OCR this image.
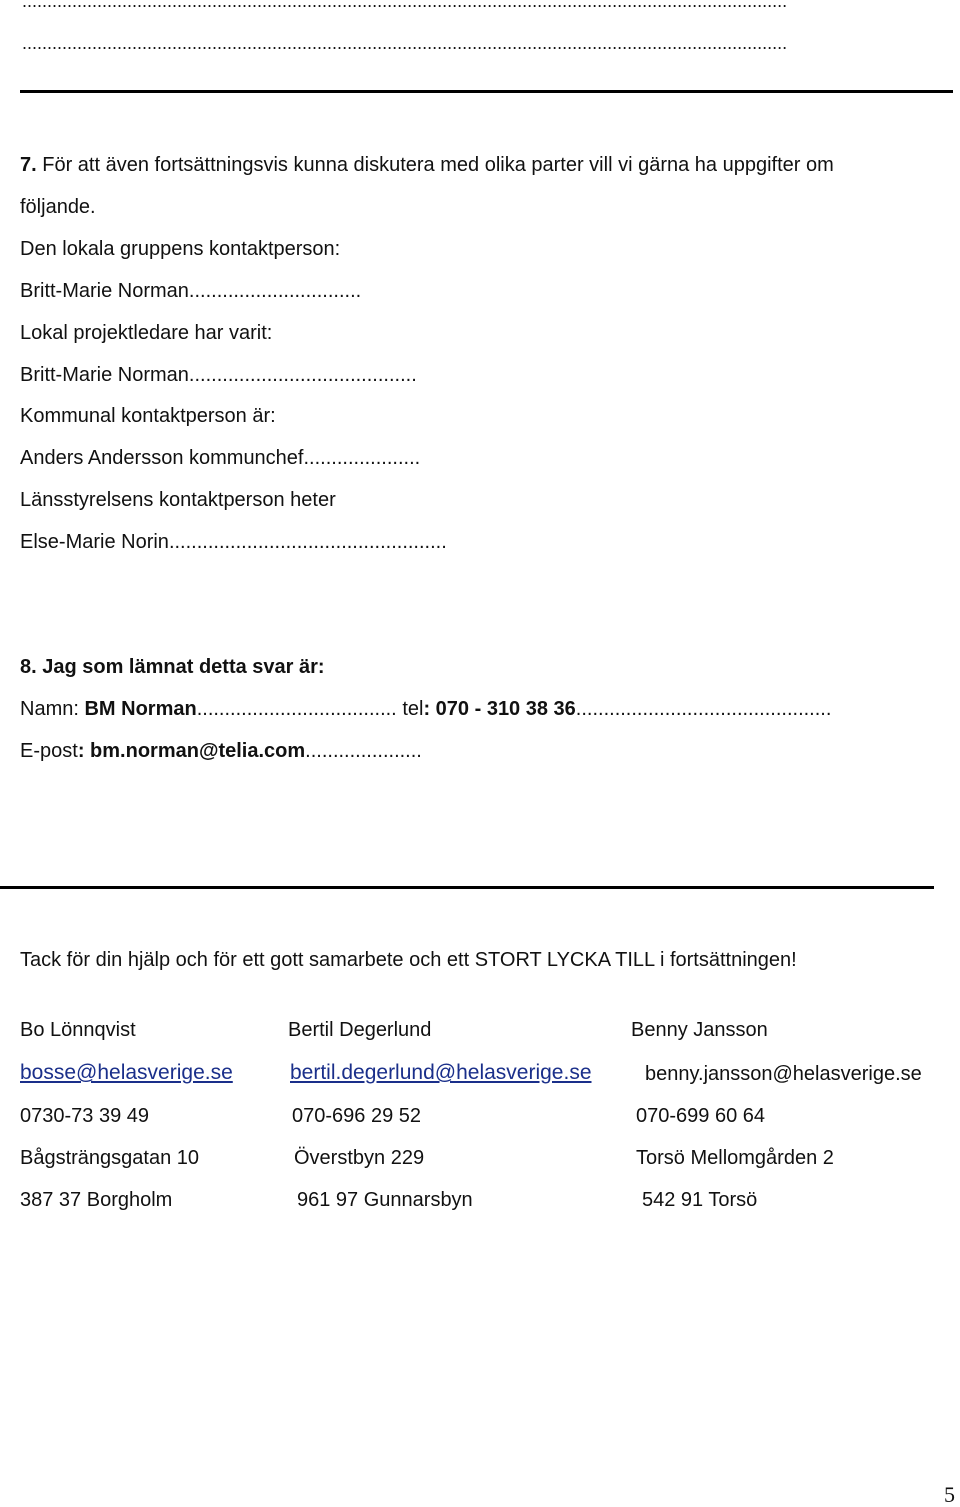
.........................................................................................................................................................
.........................................................................................................................................................
7. För att även fortsättningsvis kunna diskutera med olika parter vill vi gärna ha uppgifter om
följande.
Den lokala gruppens kontaktperson:
Britt-Marie Norman...............................
Lokal projektledare har varit:
Britt-Marie Norman.........................................
Kommunal kontaktperson är:
Anders Andersson kommunchef.....................
Länsstyrelsens kontaktperson heter
Else-Marie Norin..................................................
8. Jag som lämnat detta svar är:
Namn: BM Norman.................................... tel: 070 - 310 38 36..............................................
E-post: bm.norman@telia.com.....................
Tack för din hjälp och för ett gott samarbete och ett STORT LYCKA TILL i fortsättningen!
Bo Lönnqvist	Bertil Degerlund	Benny Jansson
bosse@helasverige.se	bertil.degerlund@helasverige.se	benny.jansson@helasverige.se
0730-73 39 49	070-696 29 52	070-699 60 64
Bågsträngsgatan 10	Överstbyn 229	Torsö Mellomgården 2
387 37 Borgholm	961 97 Gunnarsbyn	542 91 Torsö
5
